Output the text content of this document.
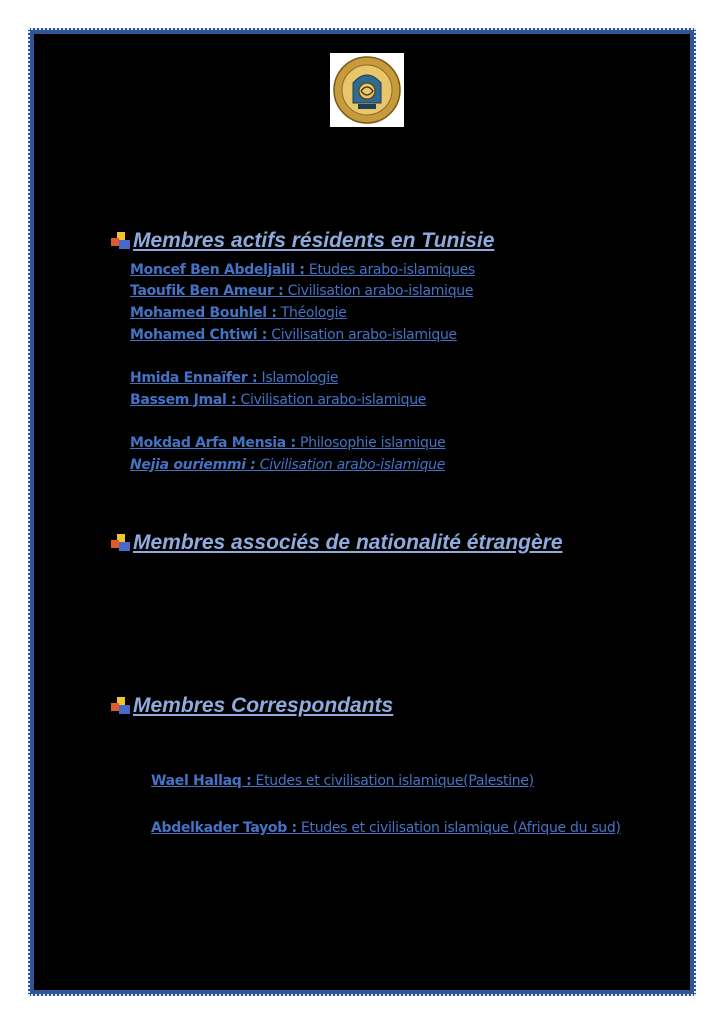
Membres actifs résidents en Tunisie
Moncef Ben Abdeljalil : Etudes arabo-islamiques
Taoufik Ben Ameur : Civilisation arabo-islamique
Mohamed Bouhlel : Théologie
Mohamed Chtiwi : Civilisation arabo-islamique
Hmida Ennaïfer : Islamologie
Bassem Jmal : Civilisation arabo-islamique
Mokdad Arfa Mensia : Philosophie islamique
Nejia ouriemmi : Civilisation arabo-islamique
Membres associés de nationalité étrangère
Membres Correspondants
Wael Hallaq : Etudes et civilisation islamique(Palestine)
Abdelkader Tayob : Etudes et civilisation islamique (Afrique du sud)
